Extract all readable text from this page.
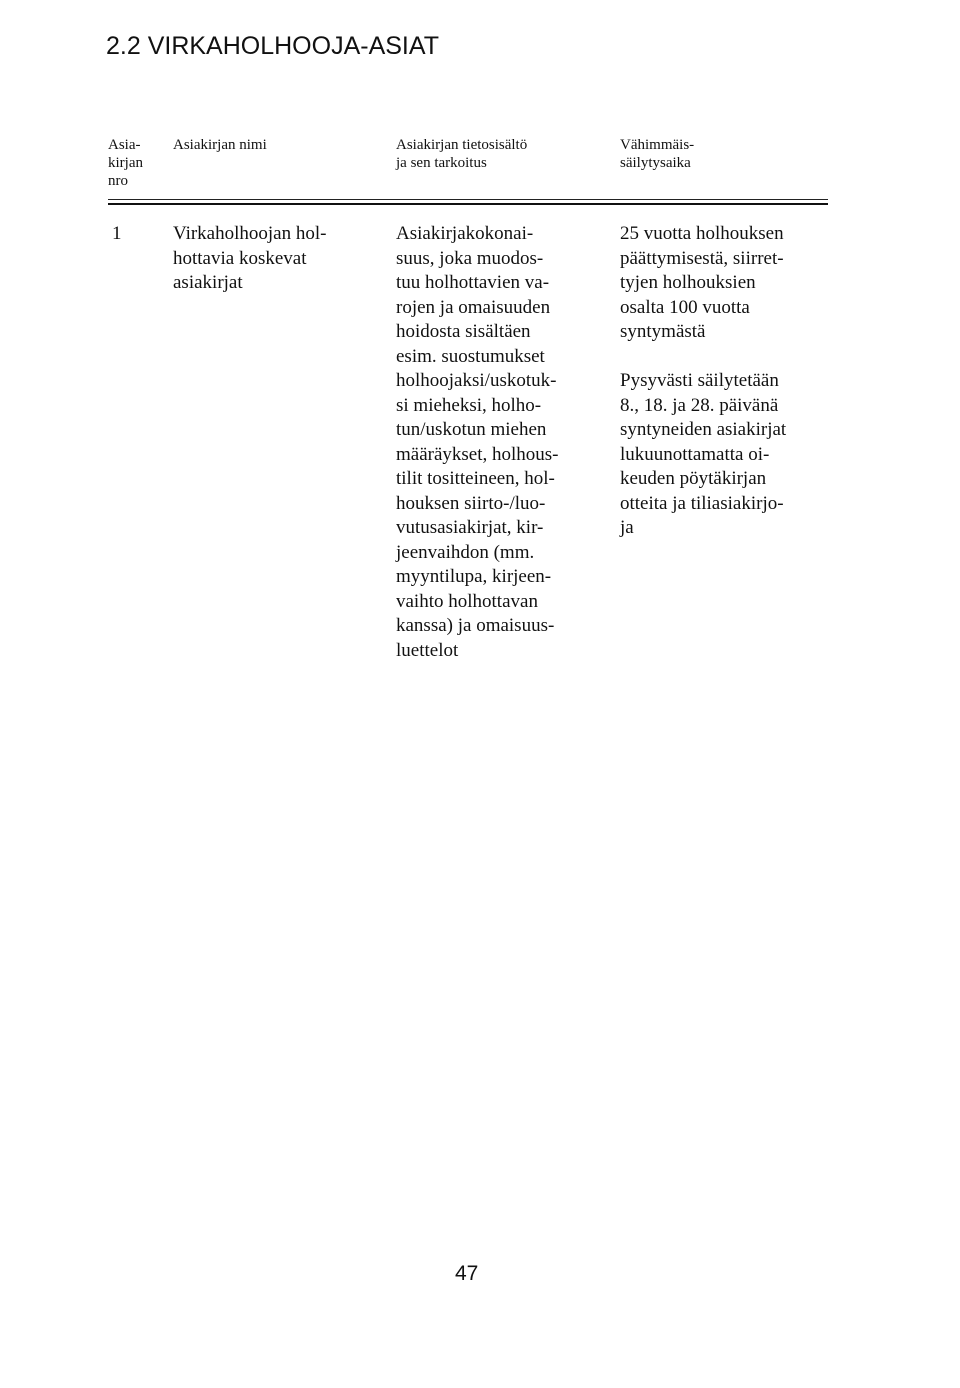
2.2 VIRKAHOLHOOJA-ASIAT
Asia-
kirjan
nro
Asiakirjan nimi	Asiakirjan tietosisältö
ja sen tarkoitus
Vähimmäis-
säilytysaika
1	Virkaholhoojan hol-
hottavia koskevat
asiakirjat
Asiakirjakokonai-
suus, joka muodos-
tuu holhottavien va-
rojen ja omaisuuden
hoidosta sisältäen
esim. suostumukset
holhoojaksi/uskotuk-
si mieheksi, holho-
tun/uskotun miehen
määräykset, holhous-
tilit tositteineen, hol-
houksen siirto-/luo-
vutusasiakirjat, kir-
jeenvaihdon (mm.
myyntilupa, kirjeen-
vaihto holhottavan
kanssa) ja omaisuus-
luettelot
25 vuotta holhouksen
päättymisestä, siirret-
tyjen holhouksien
osalta 100 vuotta
syntymästä

Pysyvästi säilytetään
8., 18. ja 28. päivänä
syntyneiden asiakirjat
lukuunottamatta oi-
keuden pöytäkirjan
otteita ja tiliasiakirjo-
ja
47
